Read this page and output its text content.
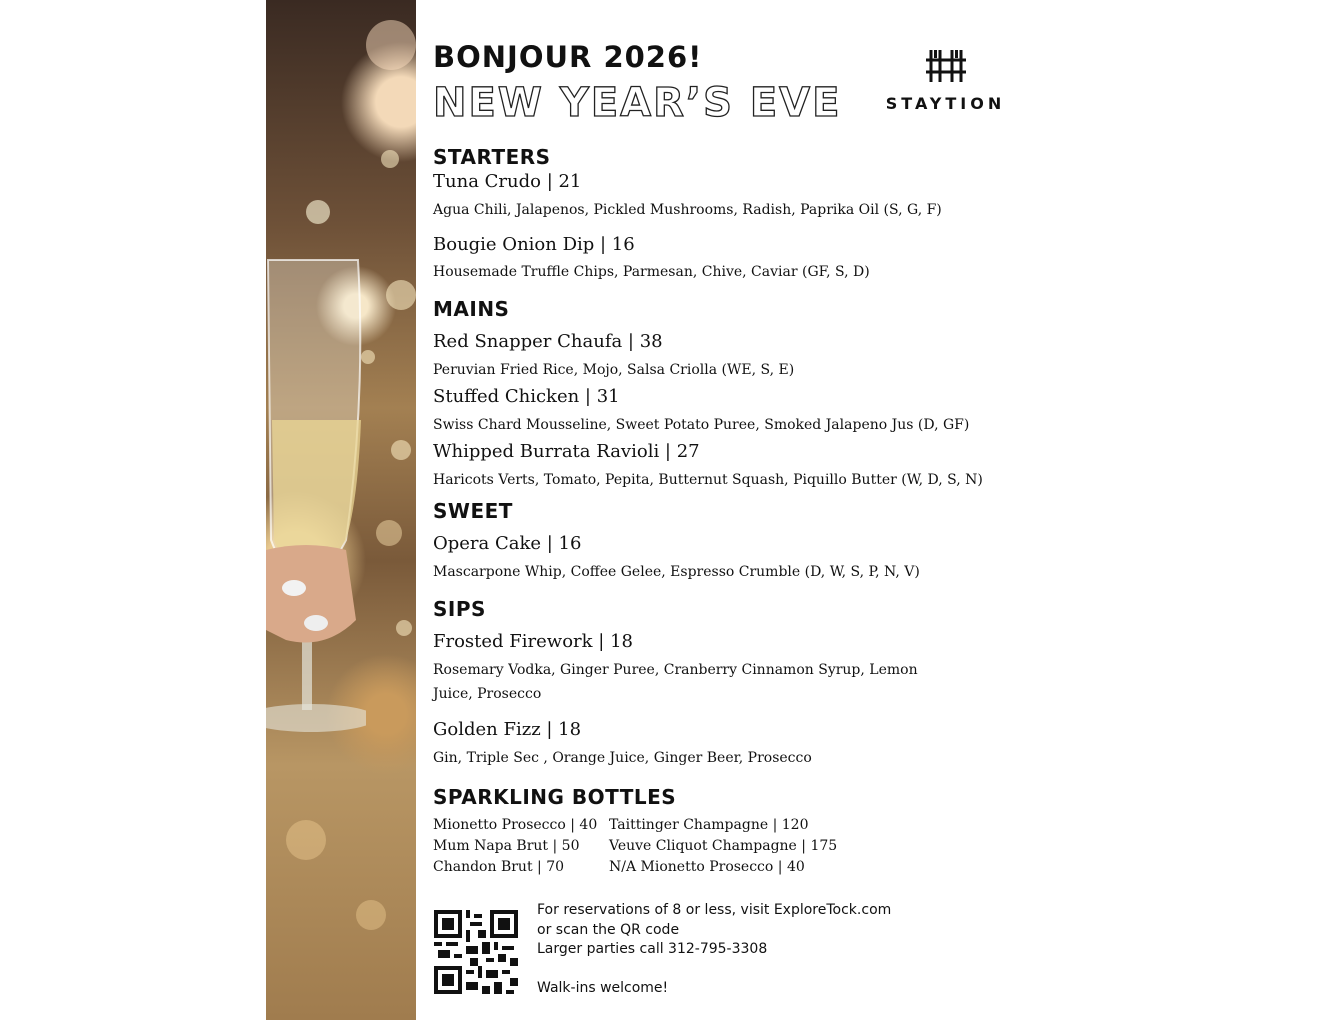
BONJOUR 2026!
NEW YEAR’S EVE	STAYTION
STARTERS
Tuna Crudo | 21
Agua Chili, Jalapenos, Pickled Mushrooms, Radish, Paprika Oil (S, G, F)
Bougie Onion Dip | 16
Housemade Truffle Chips, Parmesan, Chive, Caviar (GF, S, D)
MAINS
Red Snapper Chaufa | 38
Peruvian Fried Rice, Mojo, Salsa Criolla (WE, S, E)
Stuffed Chicken | 31
Swiss Chard Mousseline, Sweet Potato Puree, Smoked Jalapeno Jus (D, GF)
Whipped Burrata Ravioli | 27
Haricots Verts, Tomato, Pepita, Butternut Squash, Piquillo Butter (W, D, S, N)
SWEET
Opera Cake | 16
Mascarpone Whip, Coffee Gelee, Espresso Crumble (D, W, S, P, N, V)
SIPS
Frosted Firework | 18
Rosemary Vodka, Ginger Puree, Cranberry Cinnamon Syrup, Lemon Juice, Prosecco
Golden Fizz | 18
Gin, Triple Sec , Orange Juice, Ginger Beer, Prosecco
SPARKLING BOTTLES
Mionetto Prosecco | 40
Mum Napa Brut | 50
Chandon Brut | 70
Taittinger Champagne | 120
Veuve Cliquot Champagne | 175
N/A Mionetto Prosecco | 40
For reservations of 8 or less, visit ExploreTock.com
or scan the QR code
Larger parties call 312-795-3308
Walk-ins welcome!
